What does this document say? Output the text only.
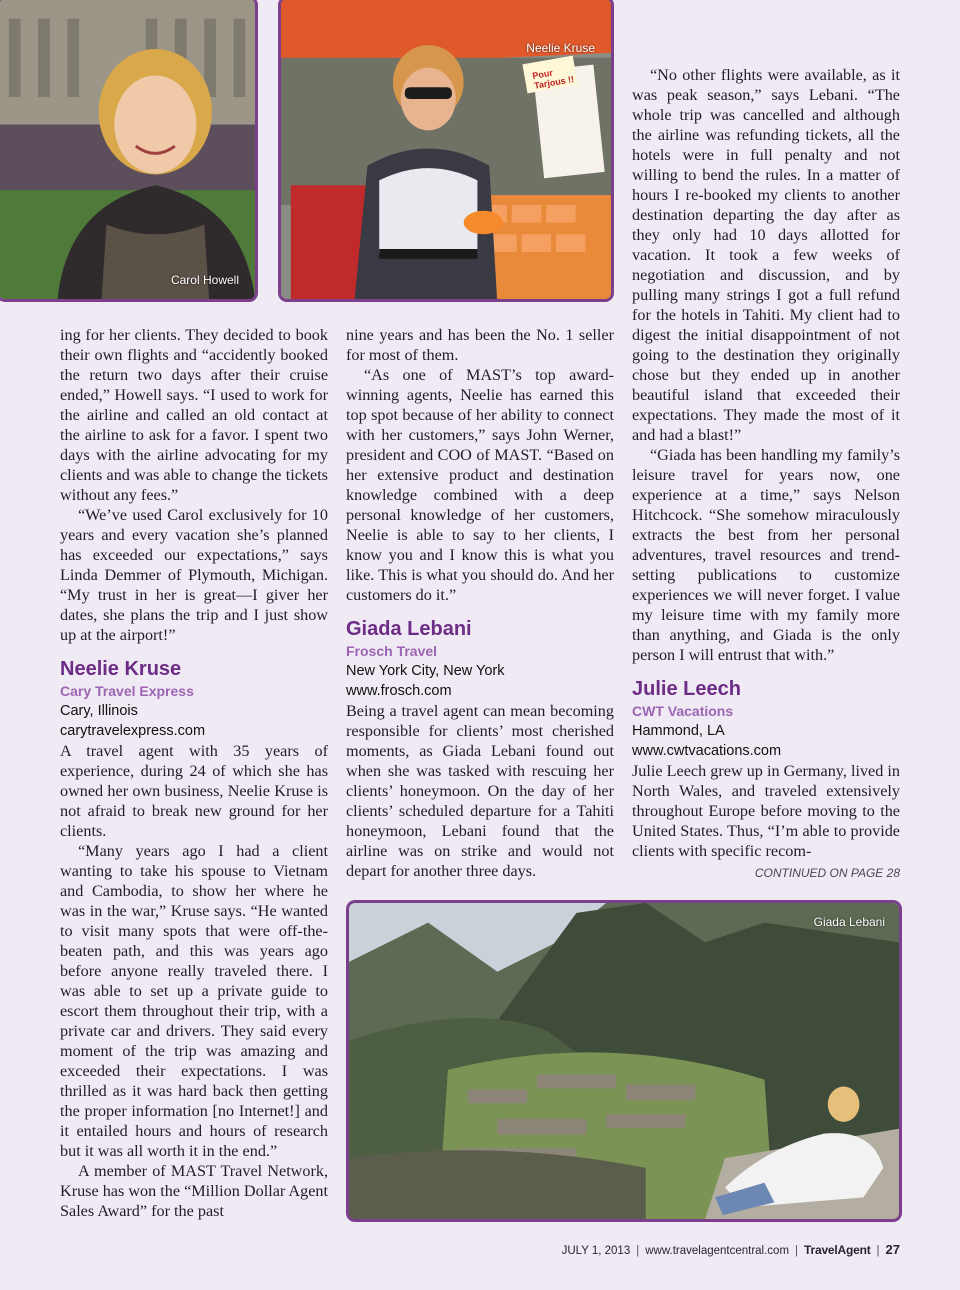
Carol Howell
Neelie Kruse
Pour Tarjous !!

ing for her clients. They decided to book their own flights and “accidently booked the return two days after their cruise ended,” Howell says. “I used to work for the airline and called an old contact at the airline to ask for a favor. I spent two days with the airline advocating for my clients and was able to change the tickets without any fees.”

“We’ve used Carol exclusively for 10 years and every vacation she’s planned has exceeded our expectations,” says Linda Demmer of Plymouth, Michigan. “My trust in her is great—I giver her dates, she plans the trip and I just show up at the airport!”

Neelie Kruse
Cary Travel Express
Cary, Illinois
carytravelexpress.com

A travel agent with 35 years of experience, during 24 of which she has owned her own business, Neelie Kruse is not afraid to break new ground for her clients.

“Many years ago I had a client wanting to take his spouse to Vietnam and Cambodia, to show her where he was in the war,” Kruse says. “He wanted to visit many spots that were off-the-beaten path, and this was years ago before anyone really traveled there. I was able to set up a private guide to escort them throughout their trip, with a private car and drivers. They said every moment of the trip was amazing and exceeded their expectations. I was thrilled as it was hard back then getting the proper information [no Internet!] and it entailed hours and hours of research but it was all worth it in the end.”

A member of MAST Travel Network, Kruse has won the “Million Dollar Agent Sales Award” for the past

nine years and has been the No. 1 seller for most of them.

“As one of MAST’s top award-winning agents, Neelie has earned this top spot because of her ability to connect with her customers,” says John Werner, president and COO of MAST. “Based on her extensive product and destination knowledge combined with a deep personal knowledge of her customers, Neelie is able to say to her clients, I know you and I know this is what you like. This is what you should do. And her customers do it.”

Giada Lebani
Frosch Travel
New York City, New York
www.frosch.com

Being a travel agent can mean becoming responsible for clients’ most cherished moments, as Giada Lebani found out when she was tasked with rescuing her clients’ honeymoon. On the day of her clients’ scheduled departure for a Tahiti honeymoon, Lebani found that the airline was on strike and would not depart for another three days.

“No other flights were available, as it was peak season,” says Lebani. “The whole trip was cancelled and although the airline was refunding tickets, all the hotels were in full penalty and not willing to bend the rules. In a matter of hours I re-booked my clients to another destination departing the day after as they only had 10 days allotted for vacation. It took a few weeks of negotiation and discussion, and by pulling many strings I got a full refund for the hotels in Tahiti. My client had to digest the initial disappointment of not going to the destination they originally chose but they ended up in another beautiful island that exceeded their expectations. They made the most of it and had a blast!”

“Giada has been handling my family’s leisure travel for years now, one experience at a time,” says Nelson Hitchcock. “She somehow miraculously extracts the best from her personal adventures, travel resources and trend-setting publications to customize experiences we will never forget. I value my leisure time with my family more than anything, and Giada is the only person I will entrust that with.”

Julie Leech
CWT Vacations
Hammond, LA
www.cwtvacations.com

Julie Leech grew up in Germany, lived in North Wales, and traveled extensively throughout Europe before moving to the United States. Thus, “I’m able to provide clients with specific recom-

CONTINUED ON PAGE 28
Giada Lebani
JULY 1, 2013 | www.travelagentcentral.com | TravelAgent | 27
